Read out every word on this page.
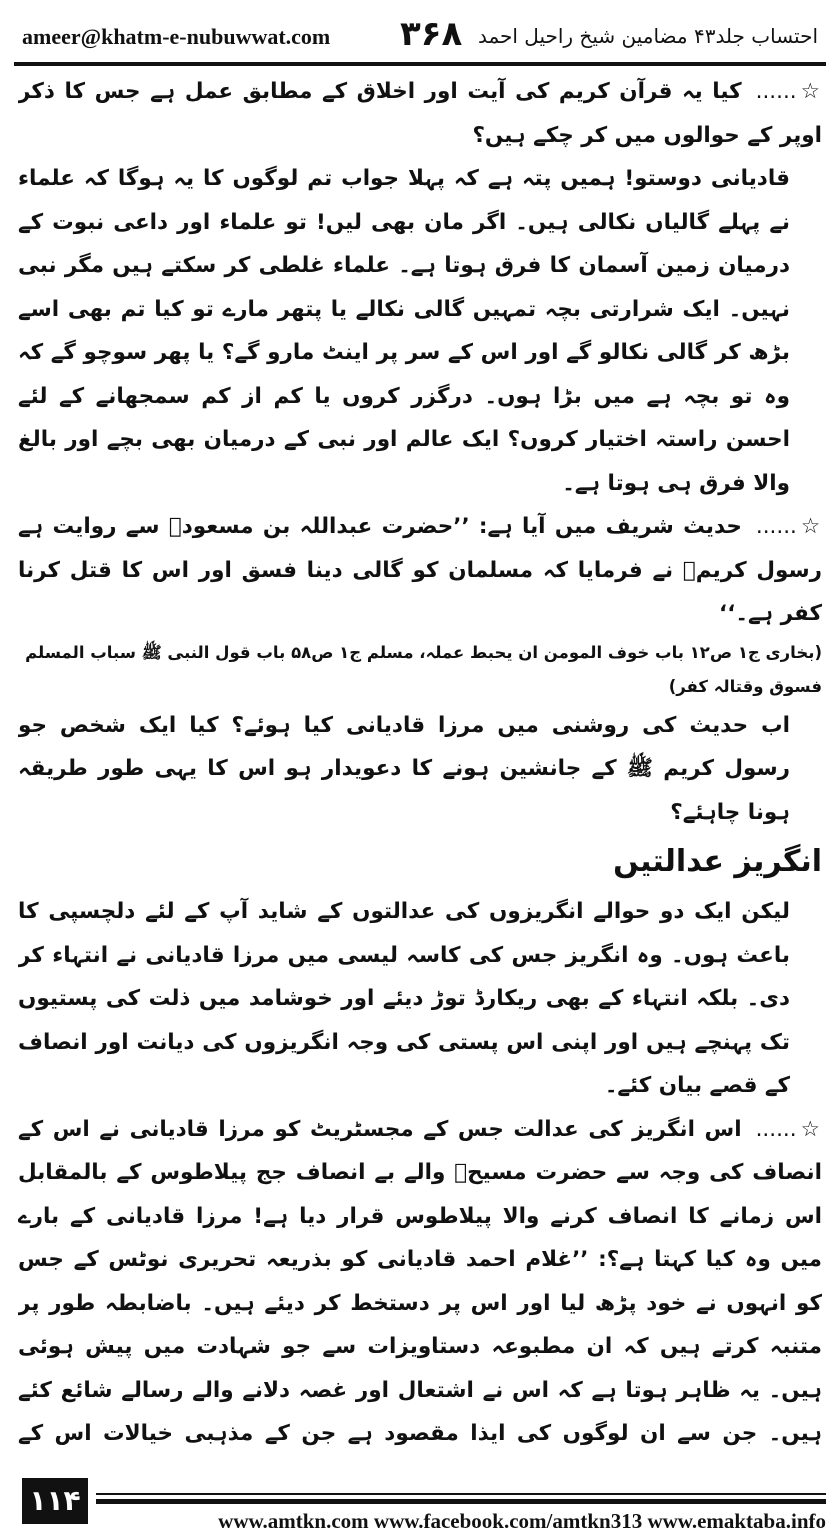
ameer@khatm-e-nubuwwat.com ۳۶۸ احتساب جلد۴۳ مضامین شیخ راحیل احمد

☆......کیا یہ قرآن کریم کی آیت اور اخلاق کے مطابق عمل ہے جس کا ذکر اوپر کے حوالوں میں کر چکے ہیں؟

قادیانی دوستو! ہمیں پتہ ہے کہ پہلا جواب تم لوگوں کا یہ ہوگا کہ علماء نے پہلے گالیاں نکالی ہیں۔ اگر مان بھی لیں! تو علماء اور داعی نبوت کے درمیان زمین آسمان کا فرق ہوتا ہے۔ علماء غلطی کر سکتے ہیں مگر نبی نہیں۔ ایک شرارتی بچہ تمہیں گالی نکالے یا پتھر مارے تو کیا تم بھی اسے بڑھ کر گالی نکالو گے اور اس کے سر پر اینٹ مارو گے؟ یا پھر سوچو گے کہ وہ تو بچہ ہے میں بڑا ہوں۔ درگزر کروں یا کم از کم سمجھانے کے لئے احسن راستہ اختیار کروں؟ ایک عالم اور نبی کے درمیان بھی بچے اور بالغ والا فرق ہی ہوتا ہے۔

☆......حدیث شریف میں آیا ہے: ’’حضرت عبداللہ بن مسعودؓ سے روایت ہے رسول کریمؐ نے فرمایا کہ مسلمان کو گالی دینا فسق اور اس کا قتل کرنا کفر ہے۔‘‘

(بخاری ج۱ ص۱۲ باب خوف المومن ان یحبط عملہ، مسلم ج۱ ص۵۸ باب قول النبی ﷺ سباب المسلم فسوق وقتالہ کفر)

اب حدیث کی روشنی میں مرزا قادیانی کیا ہوئے؟ کیا ایک شخص جو رسول کریم ﷺ کے جانشین ہونے کا دعویدار ہو اس کا یہی طور طریقہ ہونا چاہئے؟

انگریز عدالتیں

لیکن ایک دو حوالے انگریزوں کی عدالتوں کے شاید آپ کے لئے دلچسپی کا باعث ہوں۔ وہ انگریز جس کی کاسہ لیسی میں مرزا قادیانی نے انتہاء کر دی۔ بلکہ انتہاء کے بھی ریکارڈ توڑ دیئے اور خوشامد میں ذلت کی پستیوں تک پہنچے ہیں اور اپنی اس پستی کی وجہ انگریزوں کی دیانت اور انصاف کے قصے بیان کئے۔

☆......اس انگریز کی عدالت جس کے مجسٹریٹ کو مرزا قادیانی نے اس کے انصاف کی وجہ سے حضرت مسیحؑ والے بے انصاف جج پیلاطوس کے بالمقابل اس زمانے کا انصاف کرنے والا پیلاطوس قرار دیا ہے! مرزا قادیانی کے بارے میں وہ کیا کہتا ہے؟: ’’غلام احمد قادیانی کو بذریعہ تحریری نوٹس کے جس کو انہوں نے خود پڑھ لیا اور اس پر دستخط کر دیئے ہیں۔ باضابطہ طور پر متنبہ کرتے ہیں کہ ان مطبوعہ دستاویزات سے جو شہادت میں پیش ہوئی ہیں۔ یہ ظاہر ہوتا ہے کہ اس نے اشتعال اور غصہ دلانے والے رسالے شائع کئے ہیں۔ جن سے ان لوگوں کی ایذا مقصود ہے جن کے مذہبی خیالات اس کے

۱۱۴
www.amtkn.com www.facebook.com/amtkn313 www.emaktaba.info
